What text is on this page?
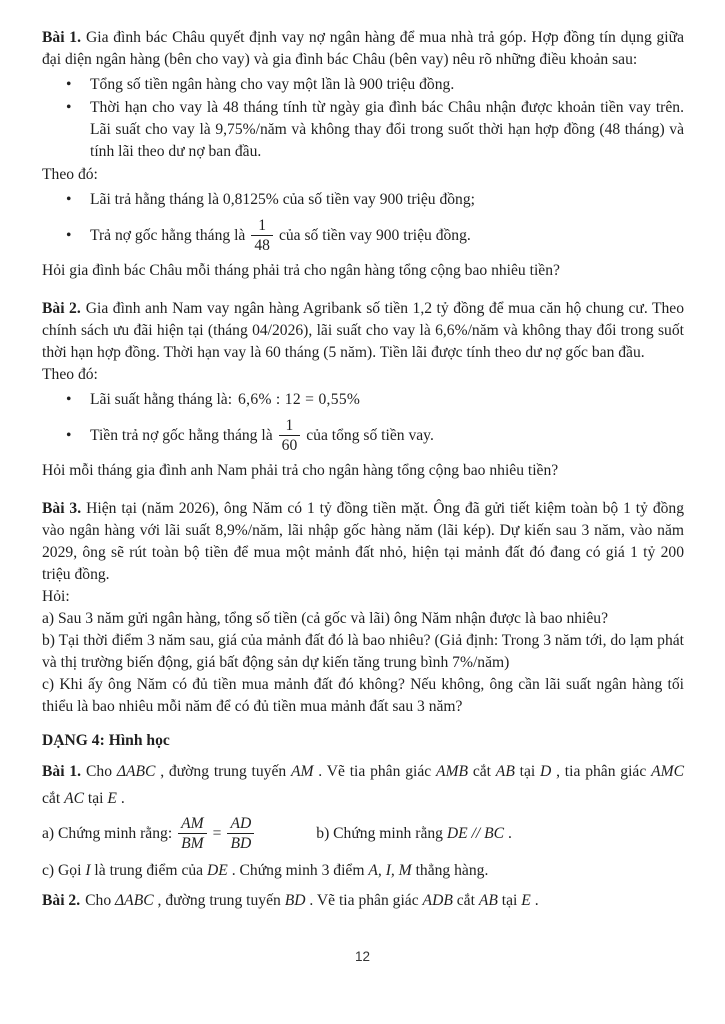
Bài 1. Gia đình bác Châu quyết định vay nợ ngân hàng để mua nhà trả góp. Hợp đồng tín dụng giữa đại diện ngân hàng (bên cho vay) và gia đình bác Châu (bên vay) nêu rõ những điều khoản sau:

• Tổng số tiền ngân hàng cho vay một lần là 900 triệu đồng.
• Thời hạn cho vay là 48 tháng tính từ ngày gia đình bác Châu nhận được khoản tiền vay trên. Lãi suất cho vay là 9,75%/năm và không thay đổi trong suốt thời hạn hợp đồng (48 tháng) và tính lãi theo dư nợ ban đầu.

Theo đó:

• Lãi trả hằng tháng là 0,8125% của số tiền vay 900 triệu đồng;
• Trả nợ gốc hằng tháng là $\frac{1}{48}$ của số tiền vay 900 triệu đồng.

Hỏi gia đình bác Châu mỗi tháng phải trả cho ngân hàng tổng cộng bao nhiêu tiền?

Bài 2. Gia đình anh Nam vay ngân hàng Agribank số tiền 1,2 tỷ đồng để mua căn hộ chung cư. Theo chính sách ưu đãi hiện tại (tháng 04/2026), lãi suất cho vay là 6,6%/năm và không thay đổi trong suốt thời hạn hợp đồng. Thời hạn vay là 60 tháng (5 năm). Tiền lãi được tính theo dư nợ gốc ban đầu.

Theo đó:

• Lãi suất hằng tháng là: 6,6% : 12 = 0,55%
• Tiền trả nợ gốc hằng tháng là $\frac{1}{60}$ của tổng số tiền vay.

Hỏi mỗi tháng gia đình anh Nam phải trả cho ngân hàng tổng cộng bao nhiêu tiền?

Bài 3. Hiện tại (năm 2026), ông Năm có 1 tỷ đồng tiền mặt. Ông đã gửi tiết kiệm toàn bộ 1 tỷ đồng vào ngân hàng với lãi suất 8,9%/năm, lãi nhập gốc hàng năm (lãi kép). Dự kiến sau 3 năm, vào năm 2029, ông sẽ rút toàn bộ tiền để mua một mảnh đất nhỏ, hiện tại mảnh đất đó đang có giá 1 tỷ 200 triệu đồng.

Hỏi:

a) Sau 3 năm gửi ngân hàng, tổng số tiền (cả gốc và lãi) ông Năm nhận được là bao nhiêu?

b) Tại thời điểm 3 năm sau, giá của mảnh đất đó là bao nhiêu? (Giả định: Trong 3 năm tới, do lạm phát và thị trường biến động, giá bất động sản dự kiến tăng trung bình 7%/năm)

c) Khi ấy ông Năm có đủ tiền mua mảnh đất đó không? Nếu không, ông cần lãi suất ngân hàng tối thiểu là bao nhiêu mỗi năm để có đủ tiền mua mảnh đất sau 3 năm?

DẠNG 4: Hình học

Bài 1. Cho ΔABC , đường trung tuyến AM . Vẽ tia phân giác AMB cắt AB tại D , tia phân giác AMC cắt AC tại E .

a) Chứng minh rằng: $\frac{AM}{BM} = \frac{AD}{BD}$	b) Chứng minh rằng DE // BC .

c) Gọi I là trung điểm của DE . Chứng minh 3 điểm A, I, M thẳng hàng.

Bài 2. Cho ΔABC , đường trung tuyến BD . Vẽ tia phân giác ADB cắt AB tại E .

12
